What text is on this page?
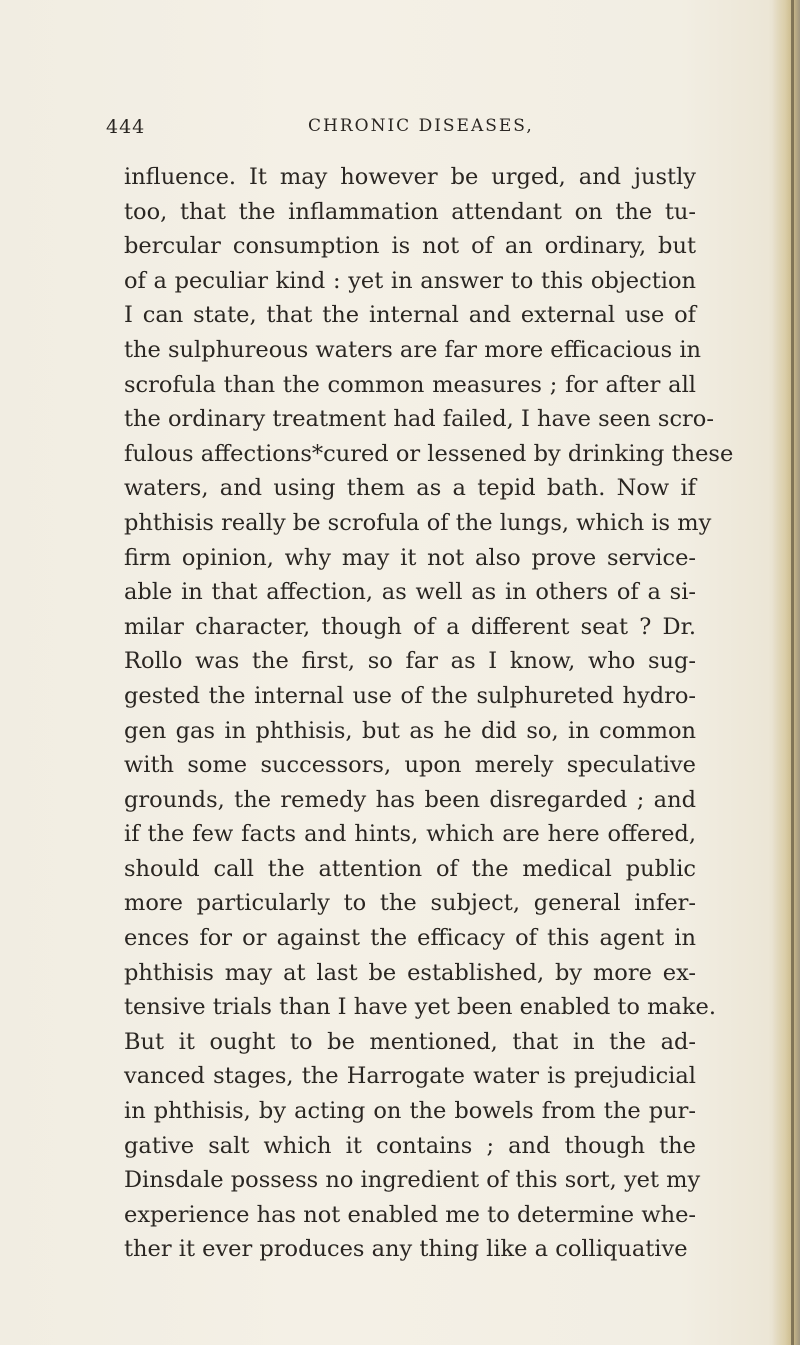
444	CHRONIC DISEASES,
influence. It may however be urged, and justly
too, that the inflammation attendant on the tu-
bercular consumption is not of an ordinary, but
of a peculiar kind : yet in answer to this objection
I can state, that the internal and external use of
the sulphureous waters are far more efficacious in
scrofula than the common measures ; for after all
the ordinary treatment had failed, I have seen scro-
fulous affections*cured or lessened by drinking these
waters, and using them as a tepid bath. Now if
phthisis really be scrofula of the lungs, which is my
firm opinion, why may it not also prove service-
able in that affection, as well as in others of a si-
milar character, though of a different seat ? Dr.
Rollo was the first, so far as I know, who sug-
gested the internal use of the sulphureted hydro-
gen gas in phthisis, but as he did so, in common
with some successors, upon merely speculative
grounds, the remedy has been disregarded ; and
if the few facts and hints, which are here offered,
should call the attention of the medical public
more particularly to the subject, general infer-
ences for or against the efficacy of this agent in
phthisis may at last be established, by more ex-
tensive trials than I have yet been enabled to make.
But it ought to be mentioned, that in the ad-
vanced stages, the Harrogate water is prejudicial
in phthisis, by acting on the bowels from the pur-
gative salt which it contains ; and though the
Dinsdale possess no ingredient of this sort, yet my
experience has not enabled me to determine whe-
ther it ever produces any thing like a colliquative
